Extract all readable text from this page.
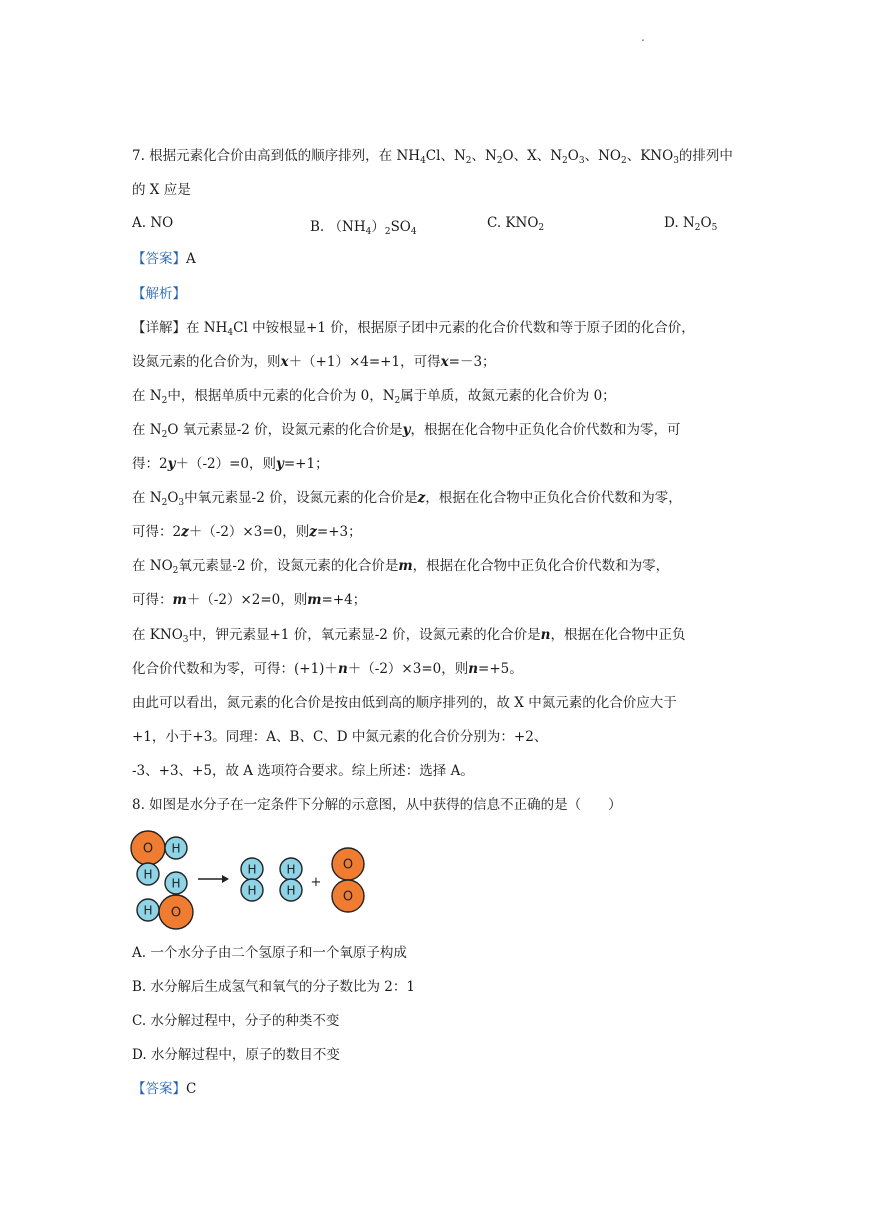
.
7. 根据元素化合价由高到低的顺序排列，在 $NH_4Cl$、$N_2$、$N_2O$、X、$N_2O_3$、$NO_2$、$KNO_3$的排列中
的 X 应是
A. NO	B. $(NH_4)_2SO_4$
C. $KNO_2$	D. $N_2O_5$
【答案】A
【解析】
【详解】在 $NH_4Cl$ 中铵根显+1 价，根据原子团中元素的化合价代数和等于原子团的化合价，
设氮元素的化合价为，则x＋（+1）×4=+1，可得x=－3；
在 $N_2$中，根据单质中元素的化合价为 0，$N_2$属于单质，故氮元素的化合价为 0；
在 $N_2O$ 氧元素显-2 价，设氮元素的化合价是y，根据在化合物中正负化合价代数和为零，可
得：2y＋（-2）=0，则y=+1；
在 $N_2O_3$中氧元素显-2 价，设氮元素的化合价是z，根据在化合物中正负化合价代数和为零，
可得：2z＋（-2）×3=0，则z=+3；
在 $NO_2$氧元素显-2 价，设氮元素的化合价是m，根据在化合物中正负化合价代数和为零，
可得：m＋（-2）×2=0，则m=+4；
在 $KNO_3$中，钾元素显+1 价，氧元素显-2 价，设氮元素的化合价是n，根据在化合物中正负
化合价代数和为零，可得：(+1)＋n＋（-2）×3=0，则n=+5。
由此可以看出，氮元素的化合价是按由低到高的顺序排列的，故 X 中氮元素的化合价应大于
+1，小于+3。同理：A、B、C、D 中氮元素的化合价分别为：+2、
-3、+3、+5，故 A 选项符合要求。综上所述：选择 A。
8. 如图是水分子在一定条件下分解的示意图，从中获得的信息不正确的是（　　）
O H
H
H
H O
H
H
H
H
+
O
O
A. 一个水分子由二个氢原子和一个氧原子构成
B. 水分解后生成氢气和氧气的分子数比为 2：1
C. 水分解过程中，分子的种类不变
D. 水分解过程中，原子的数目不变
【答案】C
